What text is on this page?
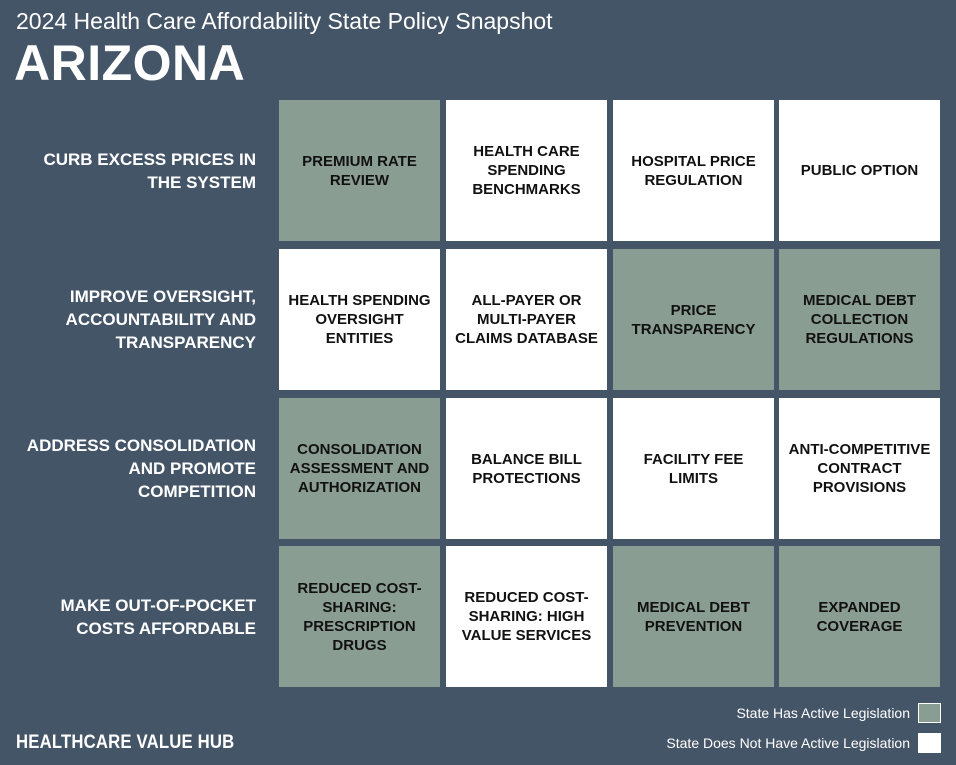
2024 Health Care Affordability State Policy Snapshot
ARIZONA
CURB EXCESS PRICES IN THE SYSTEM
IMPROVE OVERSIGHT, ACCOUNTABILITY AND TRANSPARENCY
ADDRESS CONSOLIDATION AND PROMOTE COMPETITION
MAKE OUT-OF-POCKET COSTS AFFORDABLE
PREMIUM RATE REVIEW
HEALTH CARE SPENDING BENCHMARKS
HOSPITAL PRICE REGULATION
PUBLIC OPTION
HEALTH SPENDING OVERSIGHT ENTITIES
ALL-PAYER OR MULTI-PAYER CLAIMS DATABASE
PRICE TRANSPARENCY
MEDICAL DEBT COLLECTION REGULATIONS
CONSOLIDATION ASSESSMENT AND AUTHORIZATION
BALANCE BILL PROTECTIONS
FACILITY FEE LIMITS
ANTI-COMPETITIVE CONTRACT PROVISIONS
REDUCED COST-SHARING: PRESCRIPTION DRUGS
REDUCED COST-SHARING: HIGH VALUE SERVICES
MEDICAL DEBT PREVENTION
EXPANDED COVERAGE
State Has Active Legislation
State Does Not Have Active Legislation
HEALTHCARE VALUE HUB
